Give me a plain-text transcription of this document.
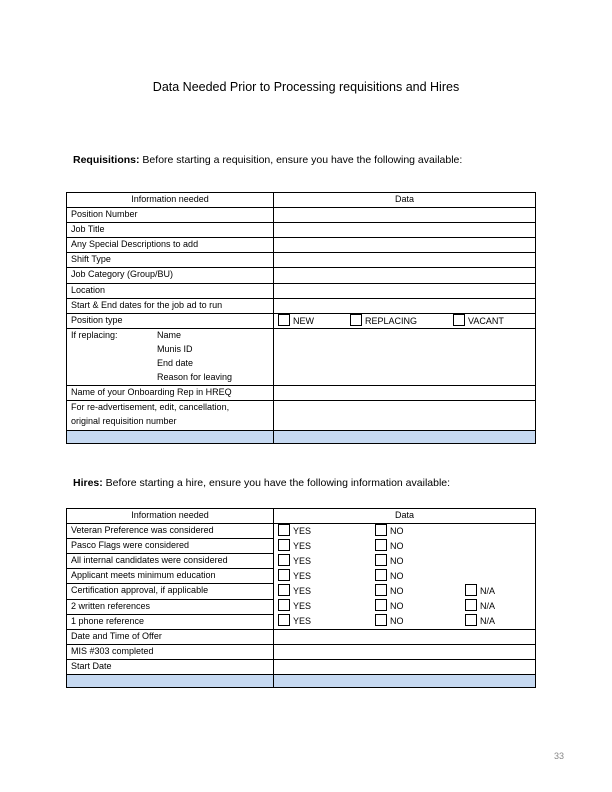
Data Needed Prior to Processing requisitions and Hires
Requisitions: Before starting a requisition, ensure you have the following available:
Information needed	Data
Position Number	
Job Title	
Any Special Descriptions to add	
Shift Type	
Job Category (Group/BU)	
Location	
Start & End dates for the job ad to run	
Position type	NEW REPLACING VACANT
If replacing: Name	
Munis ID	
End date	
Reason for leaving	
Name of your Onboarding Rep in HREQ	
For re-advertisement, edit, cancellation,	
original requisition number	

Hires: Before starting a hire, ensure you have the following information available:
Information needed	Data
Veteran Preference was considered	YES NO
Pasco Flags were considered	YES NO
All internal candidates were considered	YES NO
Applicant meets minimum education	YES NO
Certification approval, if applicable	YES NO N/A
2 written references	YES NO N/A
1 phone reference	YES NO N/A
Date and Time of Offer	
MIS #303 completed	
Start Date	

33
